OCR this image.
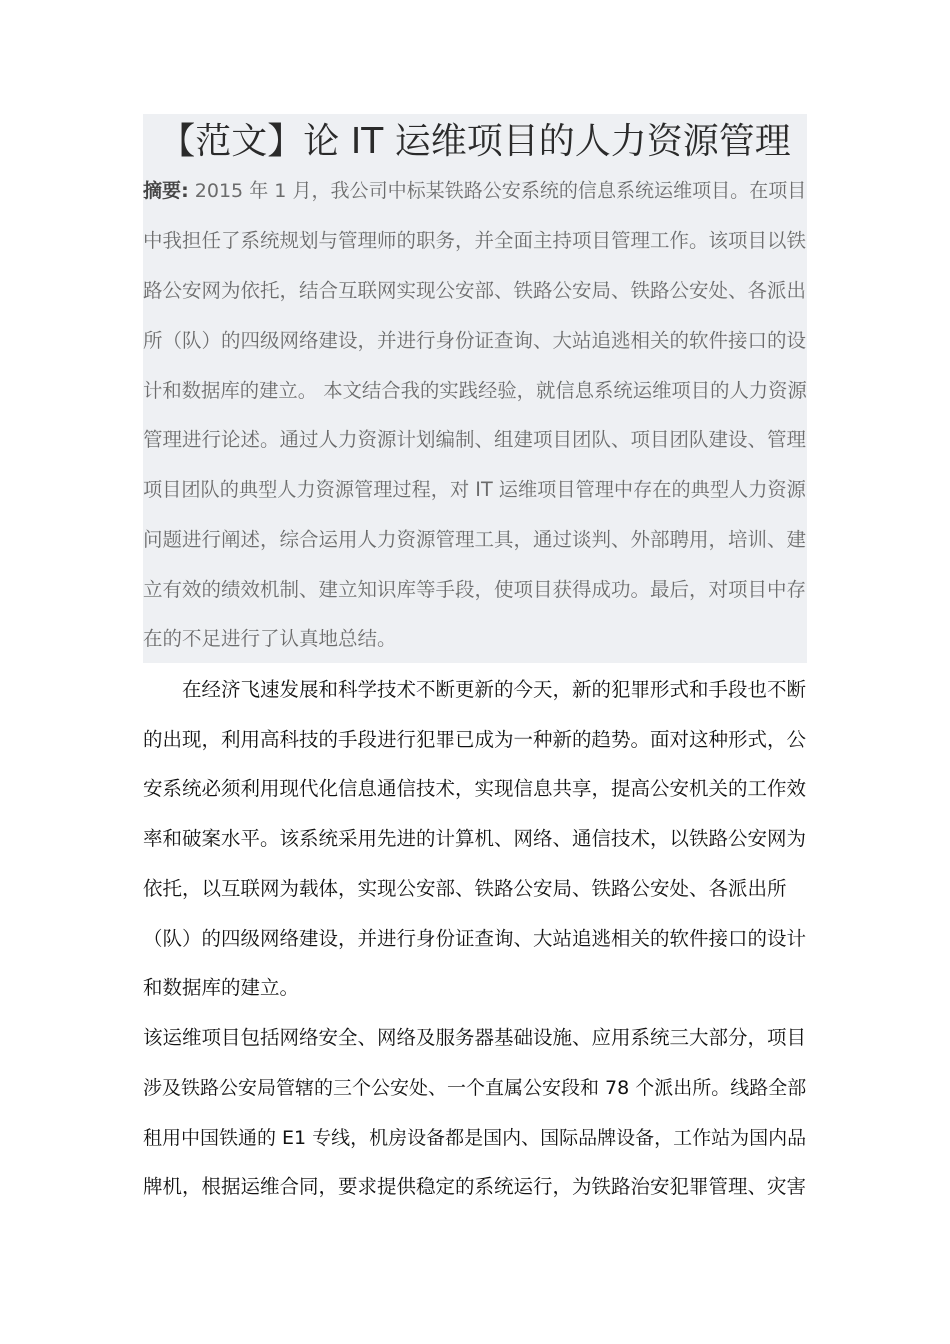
【范文】论 IT 运维项目的人力资源管理
摘要: 2015 年 1 月，我公司中标某铁路公安系统的信息系统运维项目。在项目
中我担任了系统规划与管理师的职务，并全面主持项目管理工作。该项目以铁
路公安网为依托，结合互联网实现公安部、铁路公安局、铁路公安处、各派出
所（队）的四级网络建设，并进行身份证查询、大站追逃相关的软件接口的设
计和数据库的建立。 本文结合我的实践经验，就信息系统运维项目的人力资源
管理进行论述。通过人力资源计划编制、组建项目团队、项目团队建设、管理
项目团队的典型人力资源管理过程，对 IT 运维项目管理中存在的典型人力资源
问题进行阐述，综合运用人力资源管理工具，通过谈判、外部聘用，培训、建
立有效的绩效机制、建立知识库等手段，使项目获得成功。最后，对项目中存
在的不足进行了认真地总结。
　　在经济飞速发展和科学技术不断更新的今天，新的犯罪形式和手段也不断
的出现，利用高科技的手段进行犯罪已成为一种新的趋势。面对这种形式，公
安系统必须利用现代化信息通信技术，实现信息共享，提高公安机关的工作效
率和破案水平。该系统采用先进的计算机、网络、通信技术，以铁路公安网为
依托，以互联网为载体，实现公安部、铁路公安局、铁路公安处、各派出所
（队）的四级网络建设，并进行身份证查询、大站追逃相关的软件接口的设计
和数据库的建立。
该运维项目包括网络安全、网络及服务器基础设施、应用系统三大部分，项目
涉及铁路公安局管辖的三个公安处、一个直属公安段和 78 个派出所。线路全部
租用中国铁通的 E1 专线，机房设备都是国内、国际品牌设备，工作站为国内品
牌机，根据运维合同，要求提供稳定的系统运行，为铁路治安犯罪管理、灾害
